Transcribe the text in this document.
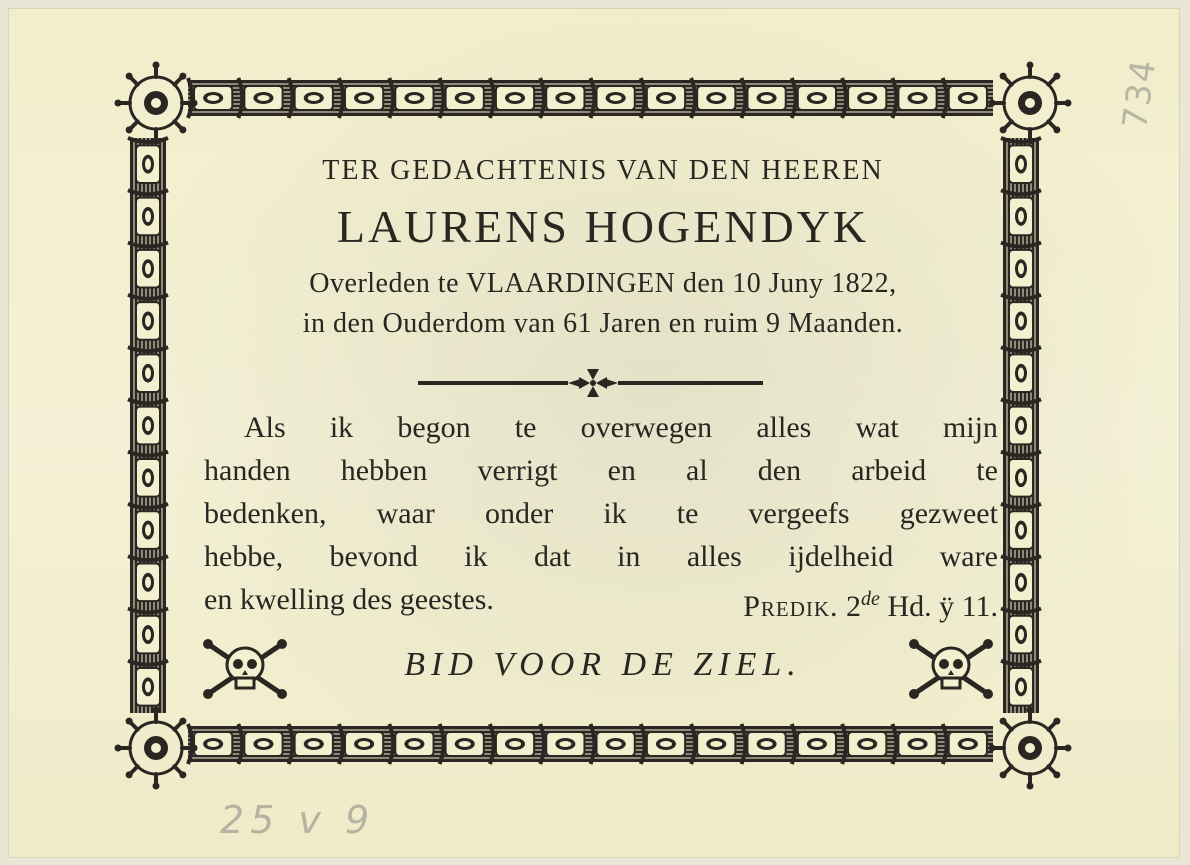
TER GEDACHTENIS VAN DEN HEEREN
LAURENS HOGENDYK
Overleden te VLAARDINGEN den 10 Juny 1822,
in den Ouderdom van 61 Jaren en ruim 9 Maanden.
Als ik begon te overwegen alles wat mijn
handen hebben verrigt en al den arbeid te
bedenken, waar onder ik te vergeefs gezweet
hebbe, bevond ik dat in alles ijdelheid ware
en kwelling des geestes.	Predik. 2de Hd. ÿ 11.
BID VOOR DE ZIEL.
734
25 v 9
